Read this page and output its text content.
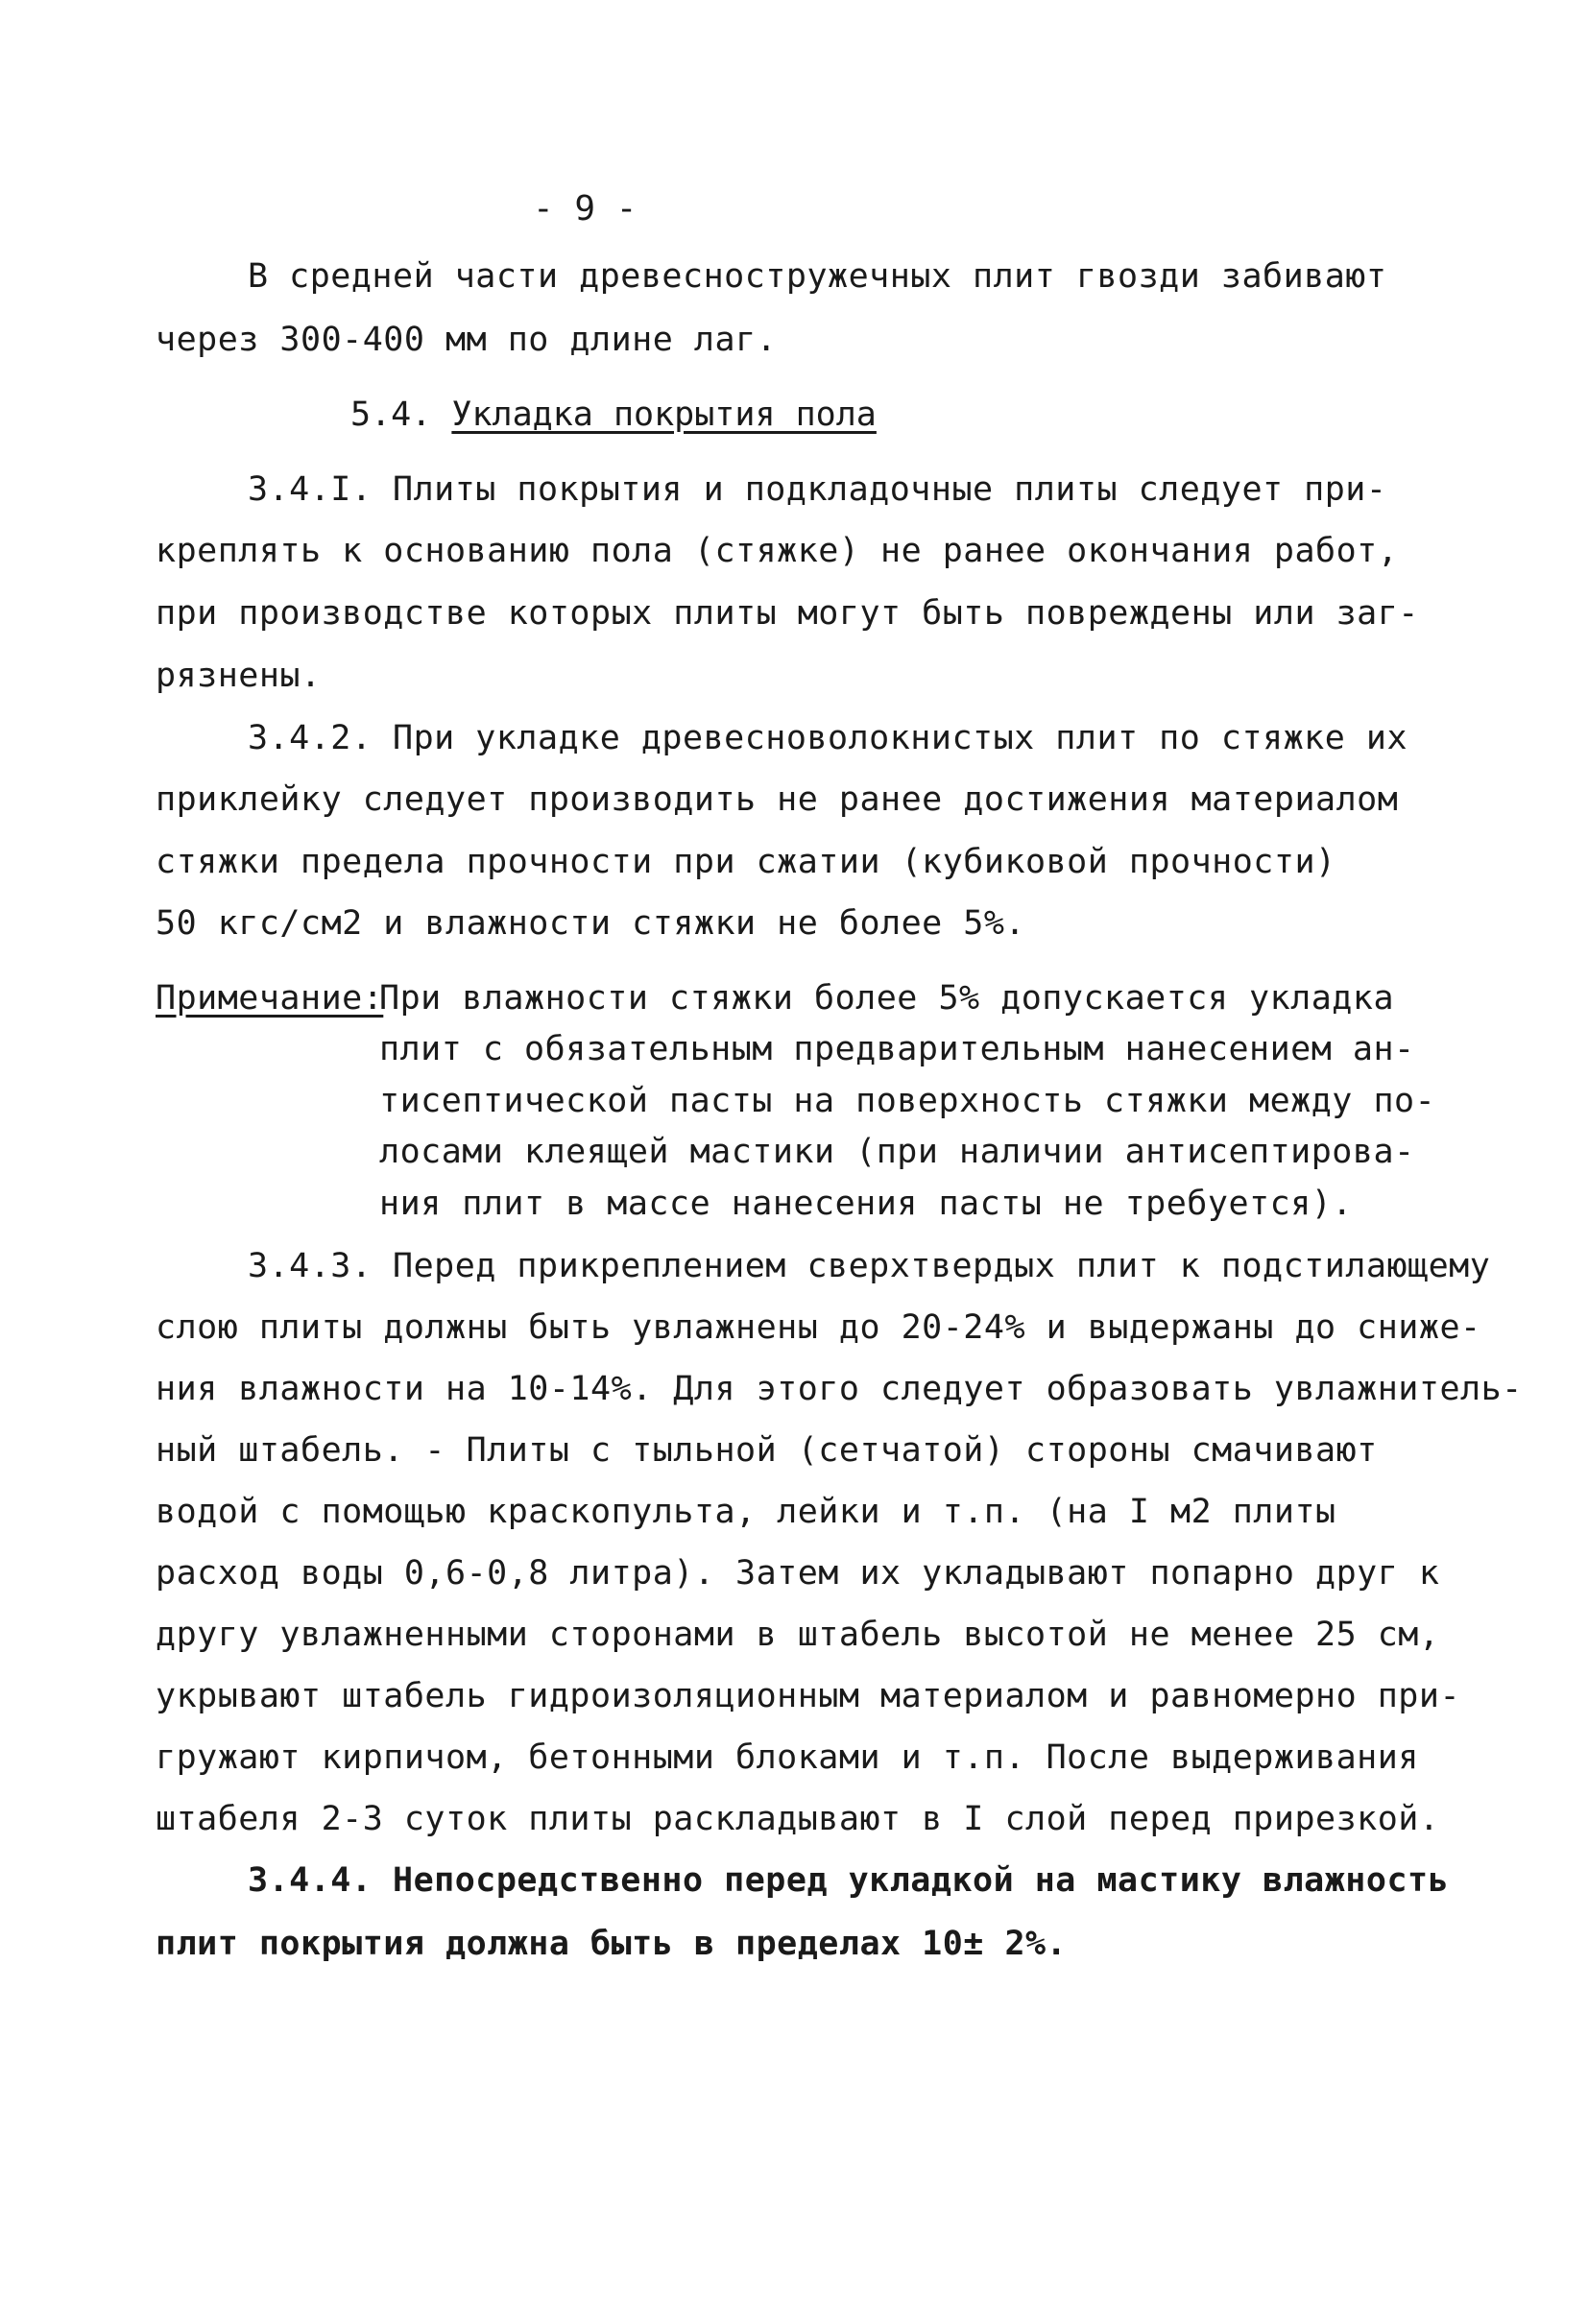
- 9 -
В средней части древесностружечных плит гвозди забивают
через 300-400 мм по длине лаг.
5.4. Укладка покрытия пола
3.4.I. Плиты покрытия и подкладочные плиты следует при-
креплять к основанию пола (стяжке) не ранее окончания работ,
при производстве которых плиты могут быть повреждены или заг-
рязнены.
3.4.2. При укладке древесноволокнистых плит по стяжке их
приклейку следует производить не ранее достижения материалом
стяжки предела прочности при сжатии (кубиковой прочности)
50 кгс/см2 и влажности стяжки не более 5%.
Примечание:
При влажности стяжки более 5% допускается укладка
плит с обязательным предварительным нанесением ан-
тисептической пасты на поверхность стяжки между по-
лосами клеящей мастики (при наличии антисептирова-
ния плит в массе нанесения пасты не требуется).
3.4.3. Перед прикреплением сверхтвердых плит к подстилающему
слою плиты должны быть увлажнены до 20-24% и выдержаны до сниже-
ния влажности на 10-14%. Для этого следует образовать увлажнитель-
ный штабель. - Плиты с тыльной (сетчатой) стороны смачивают
водой с помощью краскопульта, лейки и т.п. (на I м2 плиты
расход воды 0,6-0,8 литра). Затем их укладывают попарно друг к
другу увлажненными сторонами в штабель высотой не менее 25 см,
укрывают штабель гидроизоляционным материалом и равномерно при-
гружают кирпичом, бетонными блоками и т.п. После выдерживания
штабеля 2-3 суток плиты раскладывают в I слой перед прирезкой.
3.4.4. Непосредственно перед укладкой на мастику влажность
плит покрытия должна быть в пределах 10± 2%.
